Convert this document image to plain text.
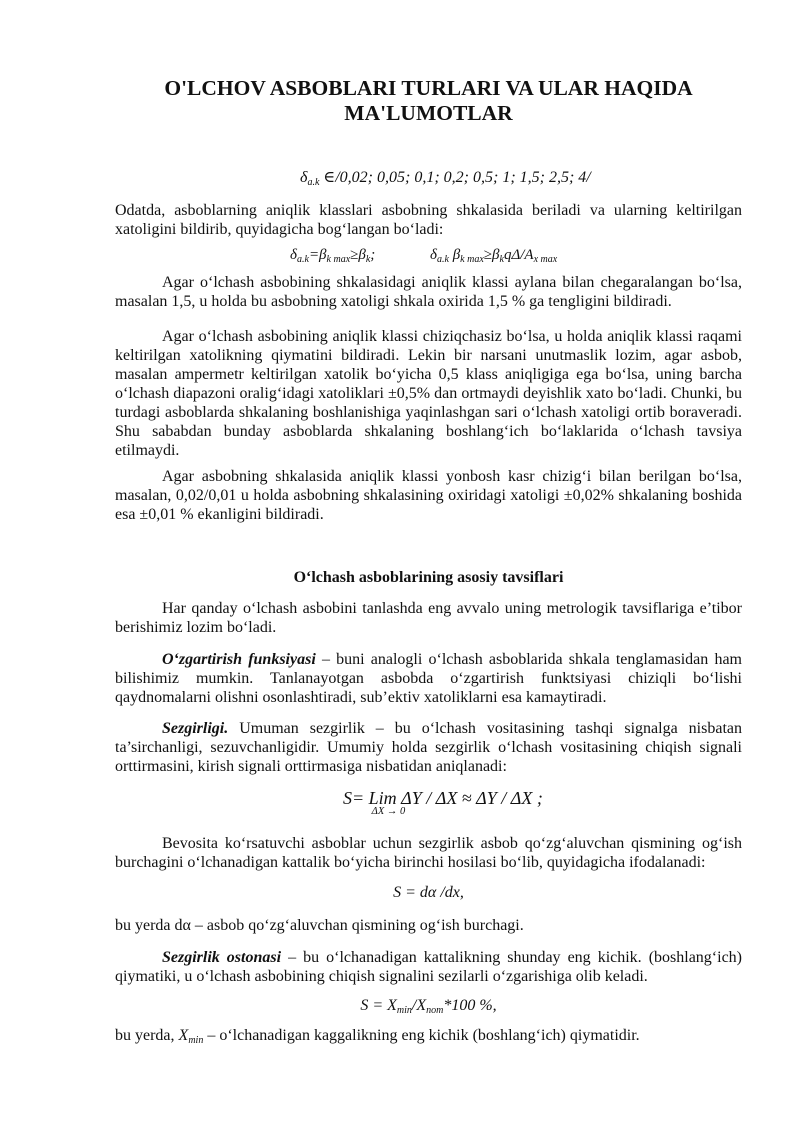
O'LCHOV ASBOBLARI TURLARI VA ULAR HAQIDA
MA'LUMOTLAR
$\delta_{a.k}$ ∈/0,02; 0,05; 0,1; 0,2; 0,5; 1; 1,5; 2,5; 4/

Odatda, asboblarning aniqlik klasslari asbobning shkalasida beriladi va ularning keltirilgan xatoligini bildirib, quyidagicha bog‘langan bo‘ladi:

$\delta_{a.k}=\beta_{k max}\ge\beta_k$;	$\delta_{a.k}$ $\beta_{k max}\ge\beta_kq\Delta/A_{x max}$

Agar o‘lchash asbobining shkalasidagi aniqlik klassi aylana bilan chegaralangan bo‘lsa, masalan 1,5, u holda bu asbobning xatoligi shkala oxirida 1,5 % ga tengligini bildiradi.

Agar o‘lchash asbobining aniqlik klassi chiziqchasiz bo‘lsa, u holda aniqlik klassi raqami keltirilgan xatolikning qiymatini bildiradi. Lekin bir narsani unutmaslik lozim, agar asbob, masalan ampermetr keltirilgan xatolik bo‘yicha 0,5 klass aniqligiga ega bo‘lsa, uning barcha o‘lchash diapazoni oralig‘idagi xatoliklari ±0,5% dan ortmaydi deyishlik xato bo‘ladi. Chunki, bu turdagi asboblarda shkalaning boshlanishiga yaqinlashgan sari o‘lchash xatoligi ortib boraveradi. Shu sababdan bunday asboblarda shkalaning boshlang‘ich bo‘laklarida o‘lchash tavsiya etilmaydi.

Agar asbobning shkalasida aniqlik klassi yonbosh kasr chizig‘i bilan berilgan bo‘lsa, masalan, 0,02/0,01 u holda asbobning shkalasining oxiridagi xatoligi ±0,02% shkalaning boshida esa ±0,01 % ekanligini bildiradi.

O‘lchash asboblarining asosiy tavsiflari

Har qanday o‘lchash asbobini tanlashda eng avvalo uning metrologik tavsiflariga e’tibor berishimiz lozim bo‘ladi.

O‘zgartirish funksiyasi – buni analogli o‘lchash asboblarida shkala tenglamasidan ham bilishimiz mumkin. Tanlanayotgan asbobda o‘zgartirish funktsiyasi chiziqli bo‘lishi qaydnomalarni olishni osonlashtiradi, sub’ektiv xatoliklarni esa kamaytiradi.

Sezgirligi. Umuman sezgirlik – bu o‘lchash vositasining tashqi signalga nisbatan ta’sirchanligi, sezuvchanligidir. Umumiy holda sezgirlik o‘lchash vositasining chiqish signali orttirmasini, kirish signali orttirmasiga nisbatidan aniqlanadi:

S= Lim
ΔX → 0
ΔY / ΔX ≈ ΔY / ΔX ;

Bevosita ko‘rsatuvchi asboblar uchun sezgirlik asbob qo‘zg‘aluvchan qismining og‘ish burchagini o‘lchanadigan kattalik bo‘yicha birinchi hosilasi bo‘lib, quyidagicha ifodalanadi:

S = dα /dx,

bu yerda dα – asbob qo‘zg‘aluvchan qismining og‘ish burchagi.

Sezgirlik ostonasi – bu o‘lchanadigan kattalikning shunday eng kichik. (boshlang‘ich) qiymatiki, u o‘lchash asbobining chiqish signalini sezilarli o‘zgarishiga olib keladi.

$S = X_{min}/X_{nom}*100$ %,

bu yerda, $X_{min}$ – o‘lchanadigan kaggalikning eng kichik (boshlang‘ich) qiymatidir.
